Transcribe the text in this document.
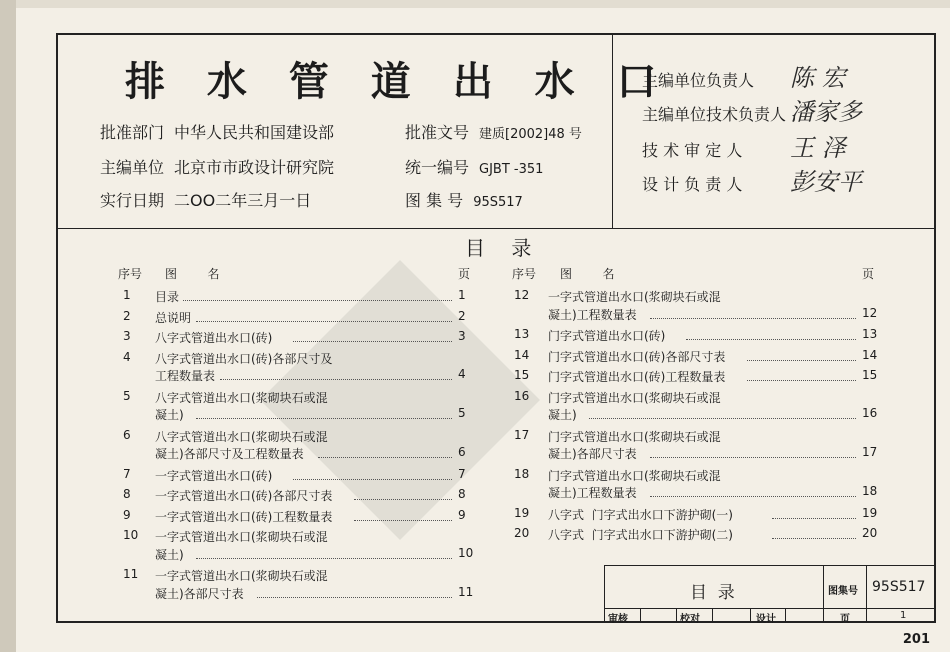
排 水 管 道 出 水 口
批准部门 中华人民共和国建设部
主编单位 北京市市政设计研究院
实行日期 二OO二年三月一日
批准文号 建质[2002]48 号
统一编号 GJBT -351
图 集 号 95S517
主编单位负责人 陈 宏
主编单位技术负责人 潘家多
技 术 审 定 人 王 泽
设 计 负 责 人 彭安平
目 录
序号 图        名	页	序号 图        名	页
1 目录	1
2 总说明	2
3 八字式管道出水口(砖)	3
4 八字式管道出水口(砖)各部尺寸及
工程数量表	4
5 八字式管道出水口(浆砌块石或混
凝土)	5
6 八字式管道出水口(浆砌块石或混
凝土)各部尺寸及工程数量表	6
7 一字式管道出水口(砖)	7
8 一字式管道出水口(砖)各部尺寸表	8
9 一字式管道出水口(砖)工程数量表	9
10 一字式管道出水口(浆砌块石或混
凝土)	10
11 一字式管道出水口(浆砌块石或混
凝土)各部尺寸表	11
12 一字式管道出水口(浆砌块石或混
凝土)工程数量表	12
13 门字式管道出水口(砖)	13
14 门字式管道出水口(砖)各部尺寸表	14
15 门字式管道出水口(砖)工程数量表	15
16 门字式管道出水口(浆砌块石或混
凝土)	16
17 门字式管道出水口(浆砌块石或混
凝土)各部尺寸表	17
18 门字式管道出水口(浆砌块石或混
凝土)工程数量表	18
19 八字式  门字式出水口下游护砌(一)	19
20 八字式  门字式出水口下游护砌(二)	20
目  录	图集号 95S517
审核	校对	设计	页	1
201
